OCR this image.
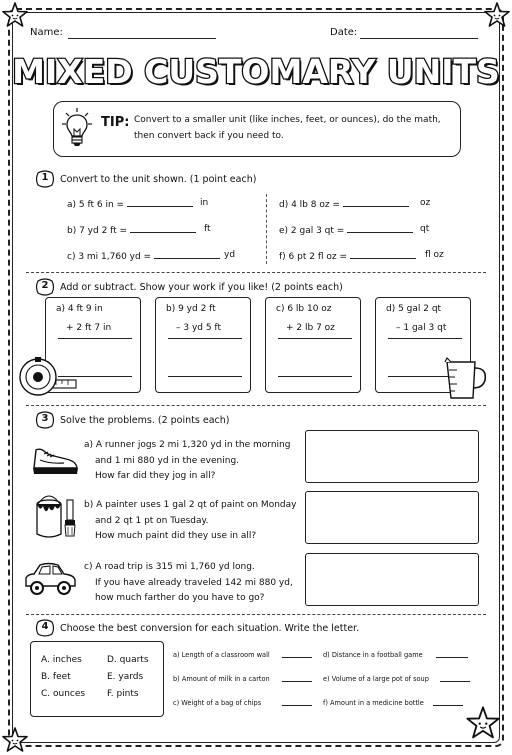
Name:	Date:
MIXED CUSTOMARY UNITS
TIP: Convert to a smaller unit (like inches, feet, or ounces), do the math,
then convert back if you need to.
1	Convert to the unit shown. (1 point each)
a) 5 ft 6 in =	in
b) 7 yd 2 ft =	ft
c) 3 mi 1,760 yd =	yd
d) 4 lb 8 oz =	oz
e) 2 gal 3 qt =	qt
f) 6 pt 2 fl oz =	fl oz
2	Add or subtract. Show your work if you like! (2 points each)
a) 4 ft 9 in
+ 2 ft 7 in
b) 9 yd 2 ft
– 3 yd 5 ft
c) 6 lb 10 oz
+ 2 lb 7 oz
d) 5 gal 2 qt
– 1 gal 3 qt
3	Solve the problems. (2 points each)
a) A runner jogs 2 mi 1,320 yd in the morning
and 1 mi 880 yd in the evening.
How far did they jog in all?
b) A painter uses 1 gal 2 qt of paint on Monday
and 2 qt 1 pt on Tuesday.
How much paint did they use in all?
c) A road trip is 315 mi 1,760 yd long.
If you have already traveled 142 mi 880 yd,
how much farther do you have to go?
4	Choose the best conversion for each situation. Write the letter.
A. inches
B. feet
C. ounces
D. quarts
E. yards
F. pints
a) Length of a classroom wall
b) Amount of milk in a carton
c) Weight of a bag of chips
d) Distance in a football game
e) Volume of a large pot of soup
f) Amount in a medicine bottle
